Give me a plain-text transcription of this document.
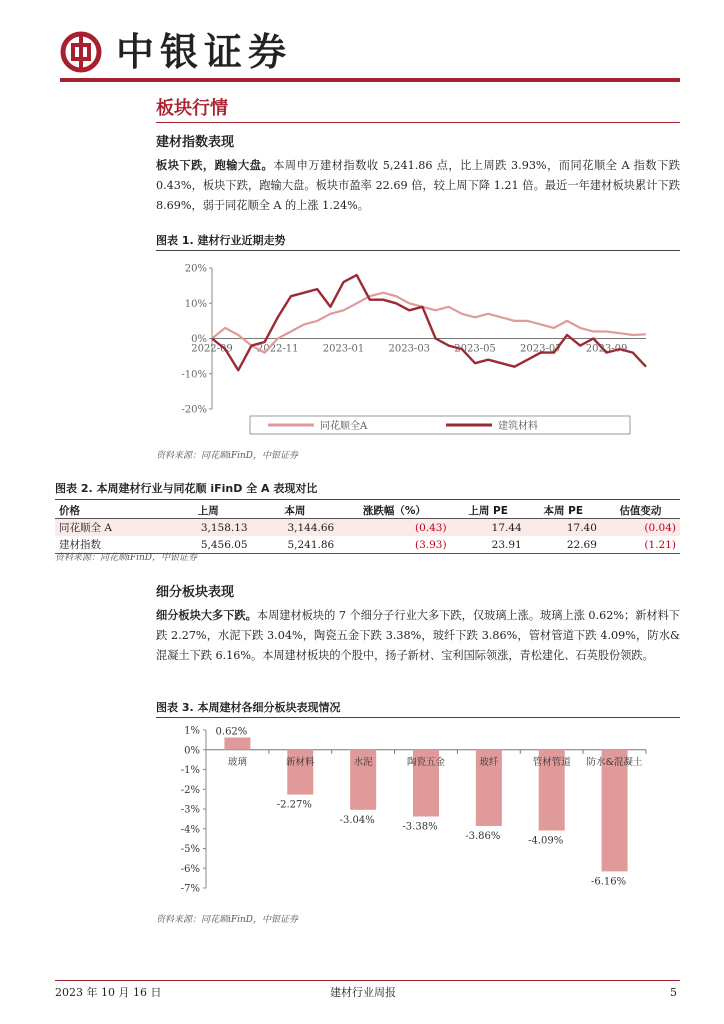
中银证券
板块行情
建材指数表现
板块下跌，跑输大盘。本周申万建材指数收 5,241.86 点，比上周跌 3.93%，而同花顺全 A 指数下跌 0.43%，板块下跌，跑输大盘。板块市盈率 22.69 倍，较上周下降 1.21 倍。最近一年建材板块累计下跌 8.69%，弱于同花顺全 A 的上涨 1.24%。
图表 1. 建材行业近期走势
20%
10%
0%
-10%
-20%
2022-09 2022-11 2023-01 2023-03 2023-05 2023-07 2023-09
同花顺全A	建筑材料
资料来源：同花顺iFinD，中银证券
图表 2. 本周建材行业与同花顺 iFinD 全 A 表现对比
价格	上周	本周	涨跌幅（%）	上周 PE	本周 PE	估值变动
同花顺全 A	3,158.13	3,144.66	(0.43)	17.44	17.40	(0.04)
建材指数	5,456.05	5,241.86	(3.93)	23.91	22.69	(1.21)
资料来源：同花顺iFinD，中银证券
细分板块表现
细分板块大多下跌。本周建材板块的 7 个细分子行业大多下跌，仅玻璃上涨。玻璃上涨 0.62%；新材料下跌 2.27%，水泥下跌 3.04%，陶瓷五金下跌 3.38%，玻纤下跌 3.86%，管材管道下跌 4.09%，防水&混凝土下跌 6.16%。本周建材板块的个股中，扬子新材、宝利国际领涨，青松建化、石英股份领跌。
图表 3. 本周建材各细分板块表现情况
1%
0%
-1%
-2%
-3%
-4%
-5%
-6%
-7%
玻璃
0.62%
新材料
-2.27%
水泥
-3.04%
陶瓷五金
-3.38%
玻纤
-3.86%
管材管道
-4.09%
防水&混凝土
-6.16%
资料来源：同花顺iFinD，中银证券
2023 年 10 月 16 日	建材行业周报	5
